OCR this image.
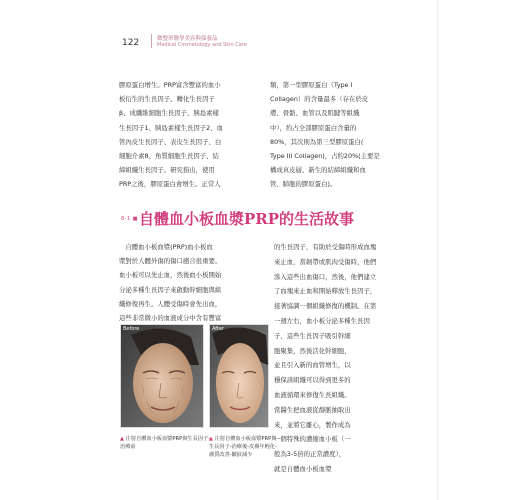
122	微整形醫學美容與保養品
Medical Cosmetology and Skin Care
膠原蛋白增生。PRP富含豐富的血小
板衍生的生長因子、轉化生長因子
β、成纖維細胞生長因子、胰島素樣
生長因子1、胰島素樣生長因子2、血
管內皮生長因子、表皮生長因子、白
細胞介素8、角質細胞生長因子、結
締組織生長因子。研究指出，使用
PRP之後，膠原蛋白會增生。正常人
類，第一型膠原蛋白（Type I
Collagen）的含量最多（存在於皮
膚、骨骼、血管以及肌腱等組織
中），約占全部膠原蛋白含量的
80%，其次則為第三型膠原蛋白(
Type III Collagen)，占約20%(主要是
構成真皮層、新生的結締組織和血
管、肺胞的膠原蛋白)。
8-1 ■ 自體血小板血漿PRP的生活故事
　自體血小板血漿(PRP)血小板血
漿對於人體外傷的傷口癒合很重要。
血小板可以先止血，然後血小板開始
分泌多種生長因子來啟動幹細胞與組
織修復再生。人體受傷時會先出血，
這些非常微小的血液成分中含有豐富
的生長因子，有助於受傷時形成血塊
來止血，當韌帶或肌肉受傷時，他們
滲入這些出血傷口，然後，他們建立
了血塊來止血和開始釋放生長因子，
接著協調一個組織修復的機制。在第
一週左右，血小板分泌多種生長因
子，這些生長因子吸引幹細
胞聚集，然後活化幹細胞，
並且引入新的血管增生，以
穩保該組織可以得到更多的
血液循環來修復生長組織。
當醫生把血液從靜脈抽取出
來，並將它離心，製作成為
一個特殊的濃縮血小板（一
般為3-5倍的正常濃度），
就是自體血小板血漿
Before	After
▲ 注射自體血小板血漿PRP與生長因子-治療前
▲ 注射自體血小板血漿PRP與生長因子-治療後-皮膚年輕化-膚質改善-皺紋減少
